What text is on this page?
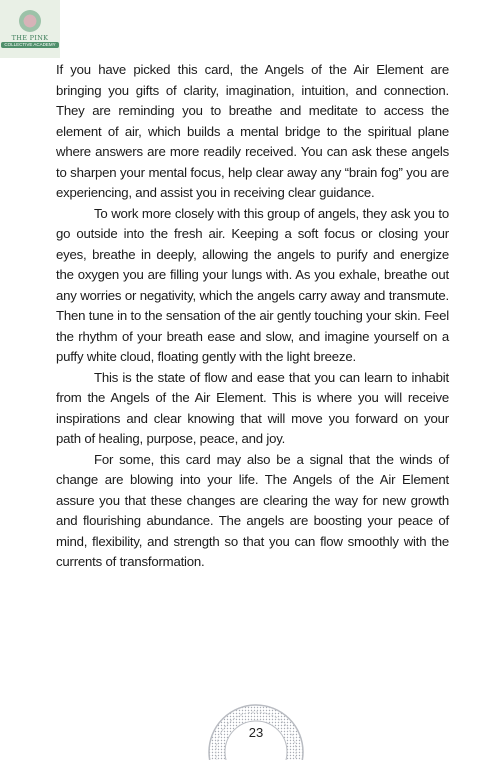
THE PINK
COLLECTIVE ACADEMY

If you have picked this card, the Angels of the Air Element are bringing you gifts of clarity, imagination, intuition, and connection. They are reminding you to breathe and meditate to access the element of air, which builds a mental bridge to the spiritual plane where answers are more readily received. You can ask these angels to sharpen your mental focus, help clear away any “brain fog” you are experiencing, and assist you in receiving clear guidance.

To work more closely with this group of angels, they ask you to go outside into the fresh air. Keeping a soft focus or closing your eyes, breathe in deeply, allowing the angels to purify and energize the oxygen you are filling your lungs with. As you exhale, breathe out any worries or negativity, which the angels carry away and transmute. Then tune in to the sensation of the air gently touching your skin. Feel the rhythm of your breath ease and slow, and imagine yourself on a puffy white cloud, floating gently with the light breeze.

This is the state of flow and ease that you can learn to inhabit from the Angels of the Air Element. This is where you will receive inspirations and clear knowing that will move you forward on your path of healing, purpose, peace, and joy.

For some, this card may also be a signal that the winds of change are blowing into your life. The Angels of the Air Element assure you that these changes are clearing the way for new growth and flourishing abundance. The angels are boosting your peace of mind, flexibility, and strength so that you can flow smoothly with the currents of transformation.

23
